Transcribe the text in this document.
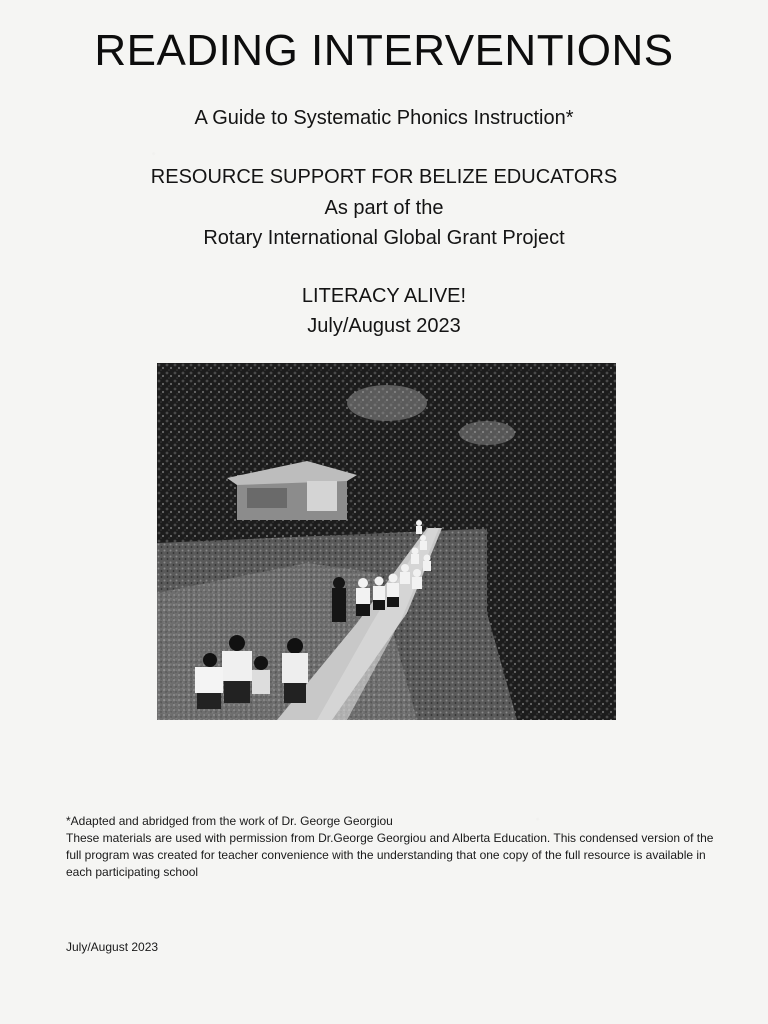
READING INTERVENTIONS
A Guide to Systematic Phonics Instruction*
RESOURCE SUPPORT FOR BELIZE EDUCATORS
As part of the
Rotary International Global Grant Project
LITERACY ALIVE!
July/August 2023

*Adapted and abridged from the work of Dr. George Georgiou

These materials are used with permission from Dr.George Georgiou and Alberta Education. This condensed version of the full program was created for teacher convenience with the understanding that one copy of the full resource is available in each participating school

July/August 2023
